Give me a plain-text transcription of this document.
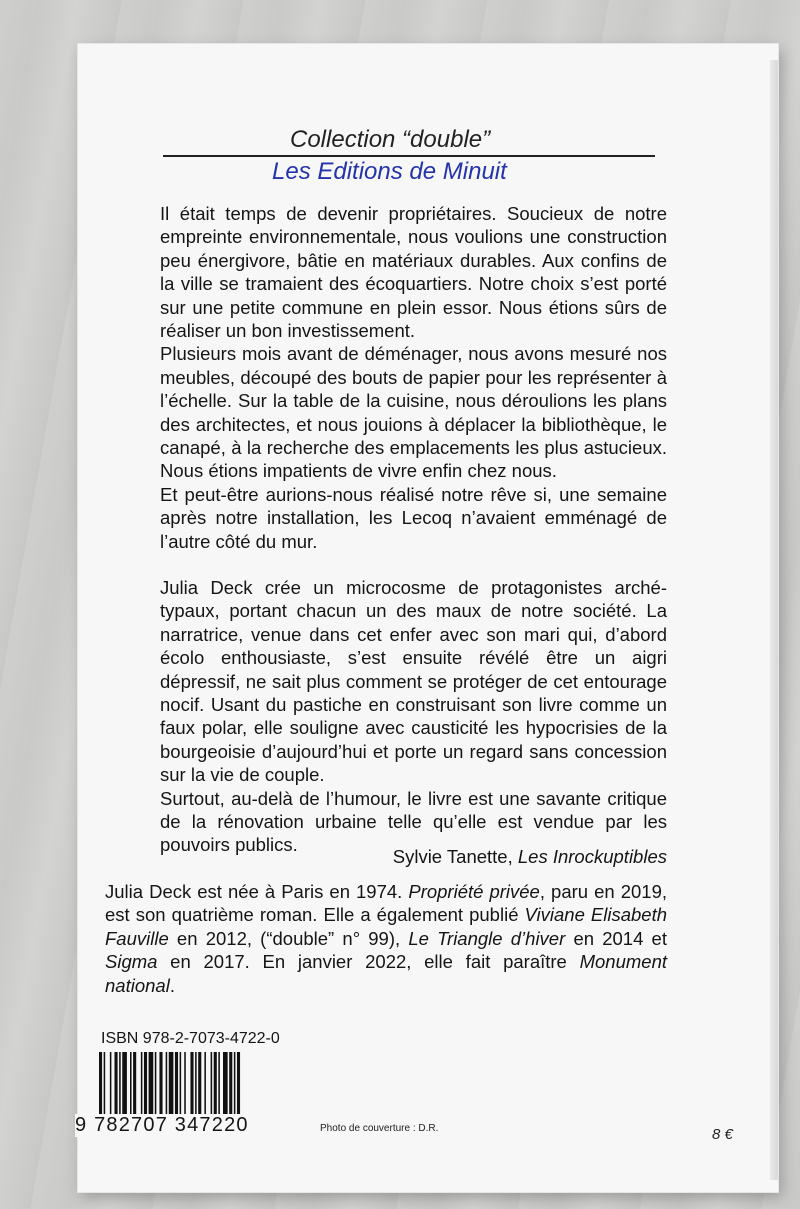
Collection “double”
Les Editions de Minuit

Il était temps de devenir propriétaires. Soucieux de notre empreinte environnementale, nous voulions une construction peu énergivore, bâtie en matériaux durables. Aux confins de la ville se tramaient des écoquartiers. Notre choix s’est porté sur une petite commune en plein essor. Nous étions sûrs de réaliser un bon investissement.

Plusieurs mois avant de déménager, nous avons mesuré nos meubles, découpé des bouts de papier pour les représenter à l’échelle. Sur la table de la cuisine, nous déroulions les plans des architectes, et nous jouions à déplacer la bibliothèque, le canapé, à la recherche des emplacements les plus astucieux. Nous étions impatients de vivre enfin chez nous.

Et peut-être aurions-nous réalisé notre rêve si, une semaine après notre installation, les Lecoq n’avaient emménagé de l’autre côté du mur.

Julia Deck crée un microcosme de protagonistes archétypaux, portant chacun un des maux de notre société. La narratrice, venue dans cet enfer avec son mari qui, d’abord écolo enthousiaste, s’est ensuite révélé être un aigri dépressif, ne sait plus comment se protéger de cet entourage nocif. Usant du pastiche en construisant son livre comme un faux polar, elle souligne avec causticité les hypocrisies de la bourgeoisie d’aujourd’hui et porte un regard sans concession sur la vie de couple.

Surtout, au-delà de l’humour, le livre est une savante critique de la rénovation urbaine telle qu’elle est vendue par les pouvoirs publics.

Sylvie Tanette, Les Inrockuptibles
Julia Deck est née à Paris en 1974. Propriété privée, paru en 2019, est son quatrième roman. Elle a également publié Viviane Elisabeth Fauville en 2012, (“double” n° 99), Le Triangle d’hiver en 2014 et Sigma en 2017. En janvier 2022, elle fait paraître Monument national.
ISBN 978-2-7073-4722-0
9 782707 347220	Photo de couverture : D.R.	8 €
